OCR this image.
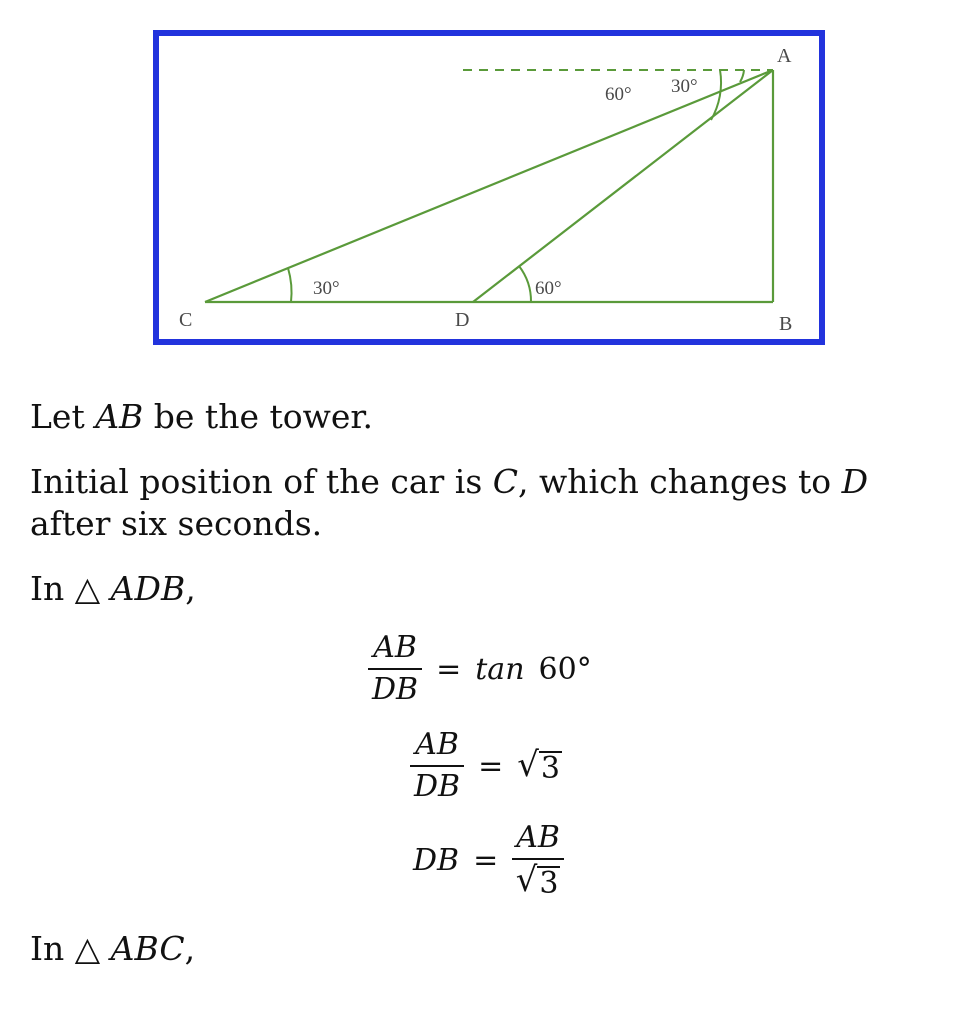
A
B
C	D
30°	60°
60° 30°
Let AB be the tower.
Initial position of the car is C, which changes to D
after six seconds.
In △ ADB,
$\frac{AB}{DB} = \tan 60^\circ$
$\frac{AB}{DB}$ = √ 3
DB = $\frac{AB}{√ 3}$
In △ ABC,
